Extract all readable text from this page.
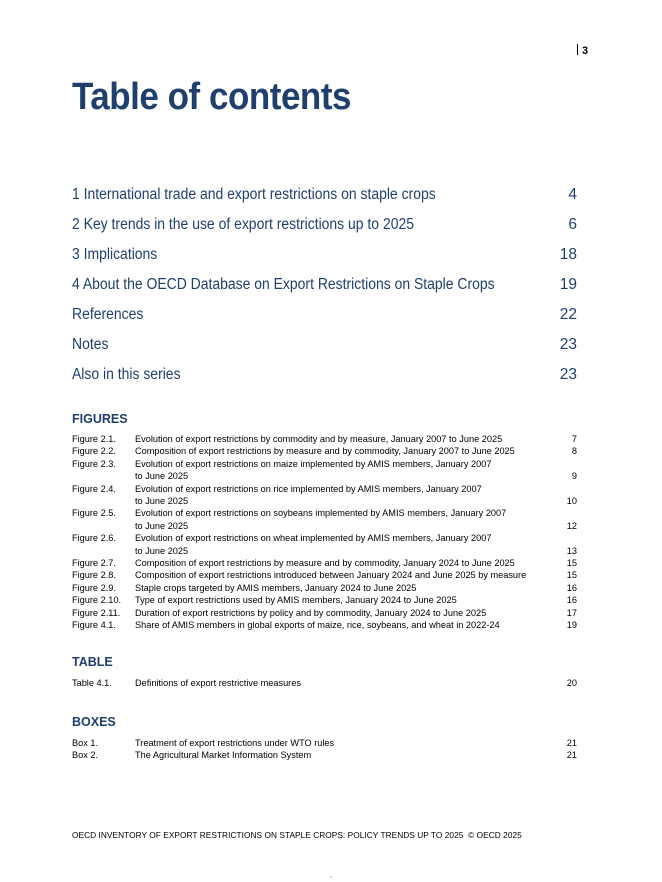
3
Table of contents
1 International trade and export restrictions on staple crops	4
2 Key trends in the use of export restrictions up to 2025	6
3 Implications	18
4 About the OECD Database on Export Restrictions on Staple Crops	19
References	22
Notes	23
Also in this series	23
FIGURES
Figure 2.1.	Evolution of export restrictions by commodity and by measure, January 2007 to June 2025	7
Figure 2.2.	Composition of export restrictions by measure and by commodity, January 2007 to June 2025	8
Figure 2.3.	Evolution of export restrictions on maize implemented by AMIS members, January 2007
to June 2025	9
Figure 2.4.	Evolution of export restrictions on rice implemented by AMIS members, January 2007
to June 2025	10
Figure 2.5.	Evolution of export restrictions on soybeans implemented by AMIS members, January 2007
to June 2025	12
Figure 2.6.	Evolution of export restrictions on wheat implemented by AMIS members, January 2007
to June 2025	13
Figure 2.7.	Composition of export restrictions by measure and by commodity, January 2024 to June 2025	15
Figure 2.8.	Composition of export restrictions introduced between January 2024 and June 2025 by measure	15
Figure 2.9.	Staple crops targeted by AMIS members, January 2024 to June 2025	16
Figure 2.10.	Type of export restrictions used by AMIS members, January 2024 to June 2025	16
Figure 2.11.	Duration of export restrictions by policy and by commodity, January 2024 to June 2025	17
Figure 4.1.	Share of AMIS members in global exports of maize, rice, soybeans, and wheat in 2022-24	19
TABLE
Table 4.1.	Definitions of export restrictive measures	20
BOXES
Box 1.	Treatment of export restrictions under WTO rules	21
Box 2.	The Agricultural Market Information System	21
OECD INVENTORY OF EXPORT RESTRICTIONS ON STAPLE CROPS: POLICY TRENDS UP TO 2025  © OECD 2025
